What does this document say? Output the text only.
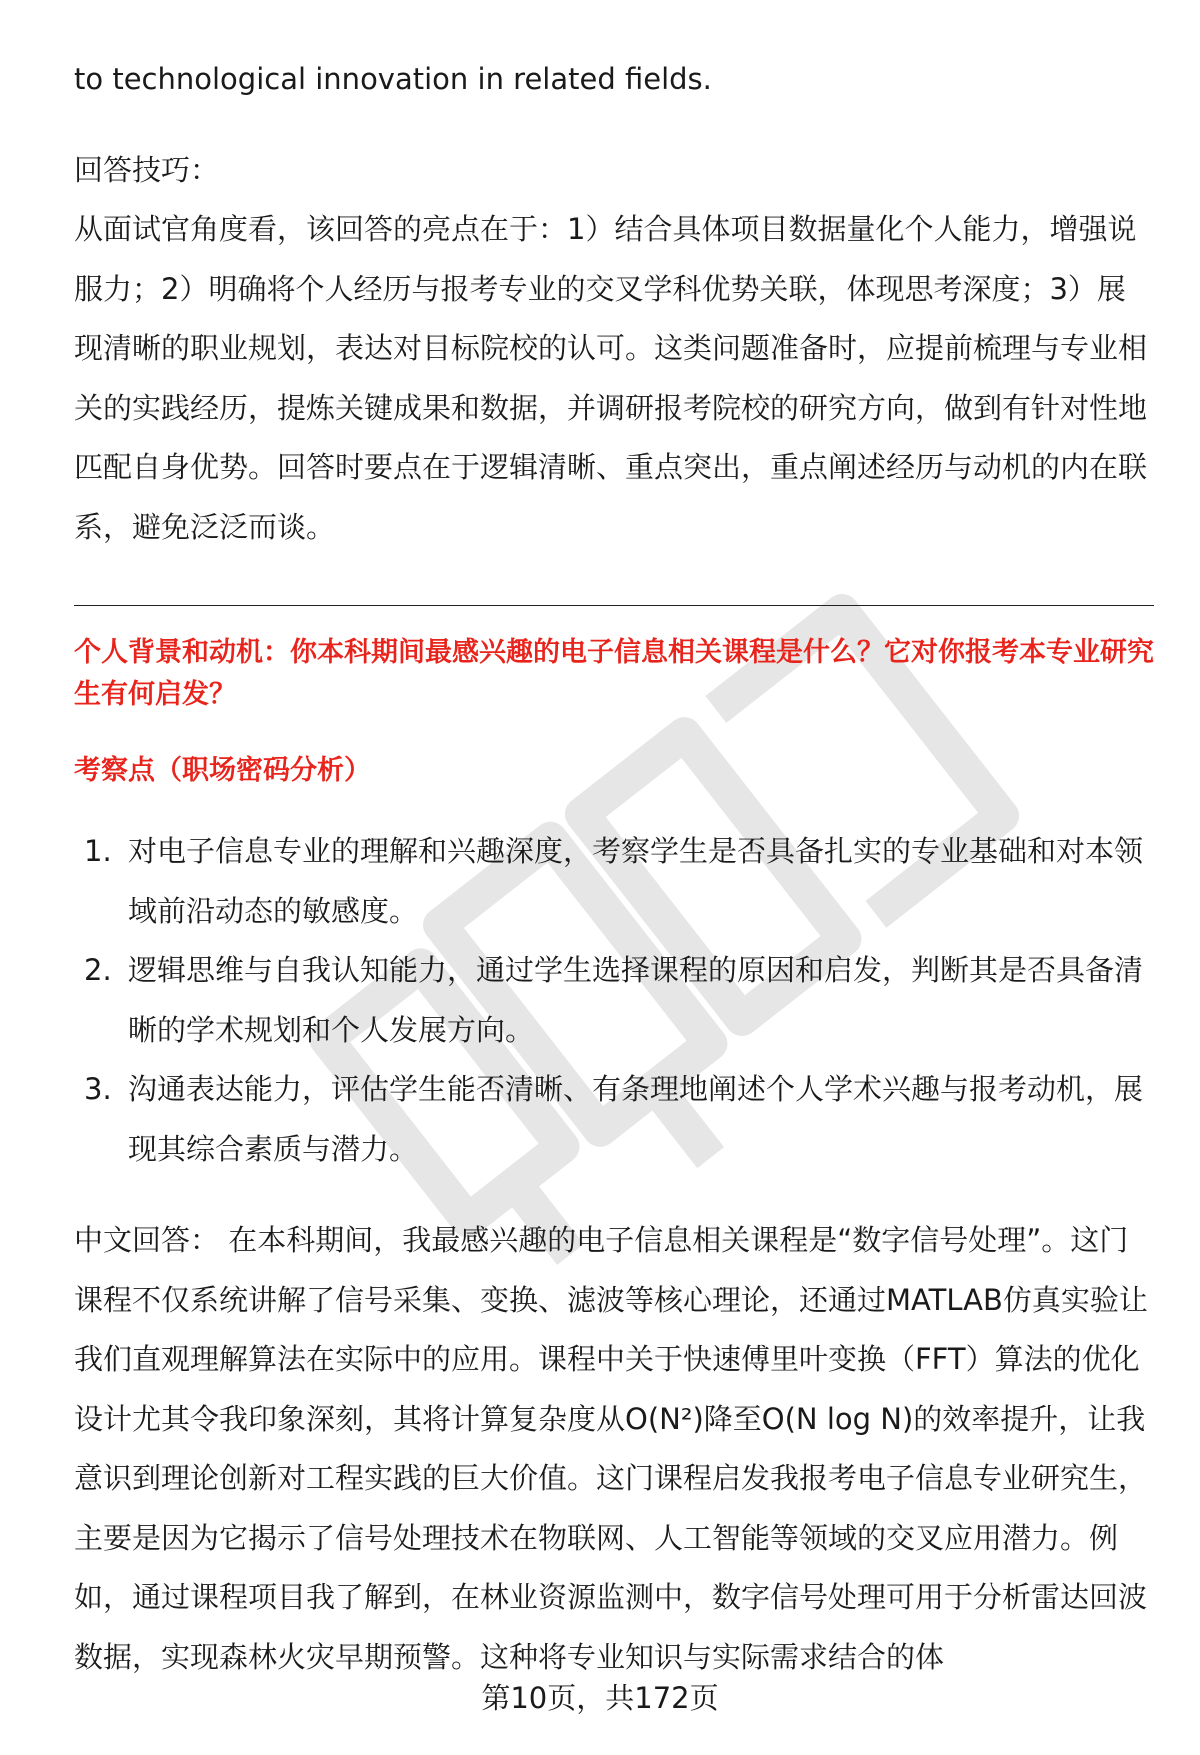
to technological innovation in related fields.

回答技巧：

从面试官角度看，该回答的亮点在于：1）结合具体项目数据量化个人能力，增强说服力；2）明确将个人经历与报考专业的交叉学科优势关联，体现思考深度；3）展现清晰的职业规划，表达对目标院校的认可。这类问题准备时，应提前梳理与专业相关的实践经历，提炼关键成果和数据，并调研报考院校的研究方向，做到有针对性地匹配自身优势。回答时要点在于逻辑清晰、重点突出，重点阐述经历与动机的内在联系，避免泛泛而谈。

个人背景和动机：你本科期间最感兴趣的电子信息相关课程是什么？它对你报考本专业研究生有何启发？

考察点（职场密码分析）

1. 对电子信息专业的理解和兴趣深度，考察学生是否具备扎实的专业基础和对本领域前沿动态的敏感度。
2. 逻辑思维与自我认知能力，通过学生选择课程的原因和启发，判断其是否具备清晰的学术规划和个人发展方向。
3. 沟通表达能力，评估学生能否清晰、有条理地阐述个人学术兴趣与报考动机，展现其综合素质与潜力。

中文回答： 在本科期间，我最感兴趣的电子信息相关课程是“数字信号处理”。这门课程不仅系统讲解了信号采集、变换、滤波等核心理论，还通过MATLAB仿真实验让我们直观理解算法在实际中的应用。课程中关于快速傅里叶变换（FFT）算法的优化设计尤其令我印象深刻，其将计算复杂度从O(N²)降至O(N log N)的效率提升，让我意识到理论创新对工程实践的巨大价值。这门课程启发我报考电子信息专业研究生，主要是因为它揭示了信号处理技术在物联网、人工智能等领域的交叉应用潜力。例如，通过课程项目我了解到，在林业资源监测中，数字信号处理可用于分析雷达回波数据，实现森林火灾早期预警。这种将专业知识与实际需求结合的体

第10页，共172页
